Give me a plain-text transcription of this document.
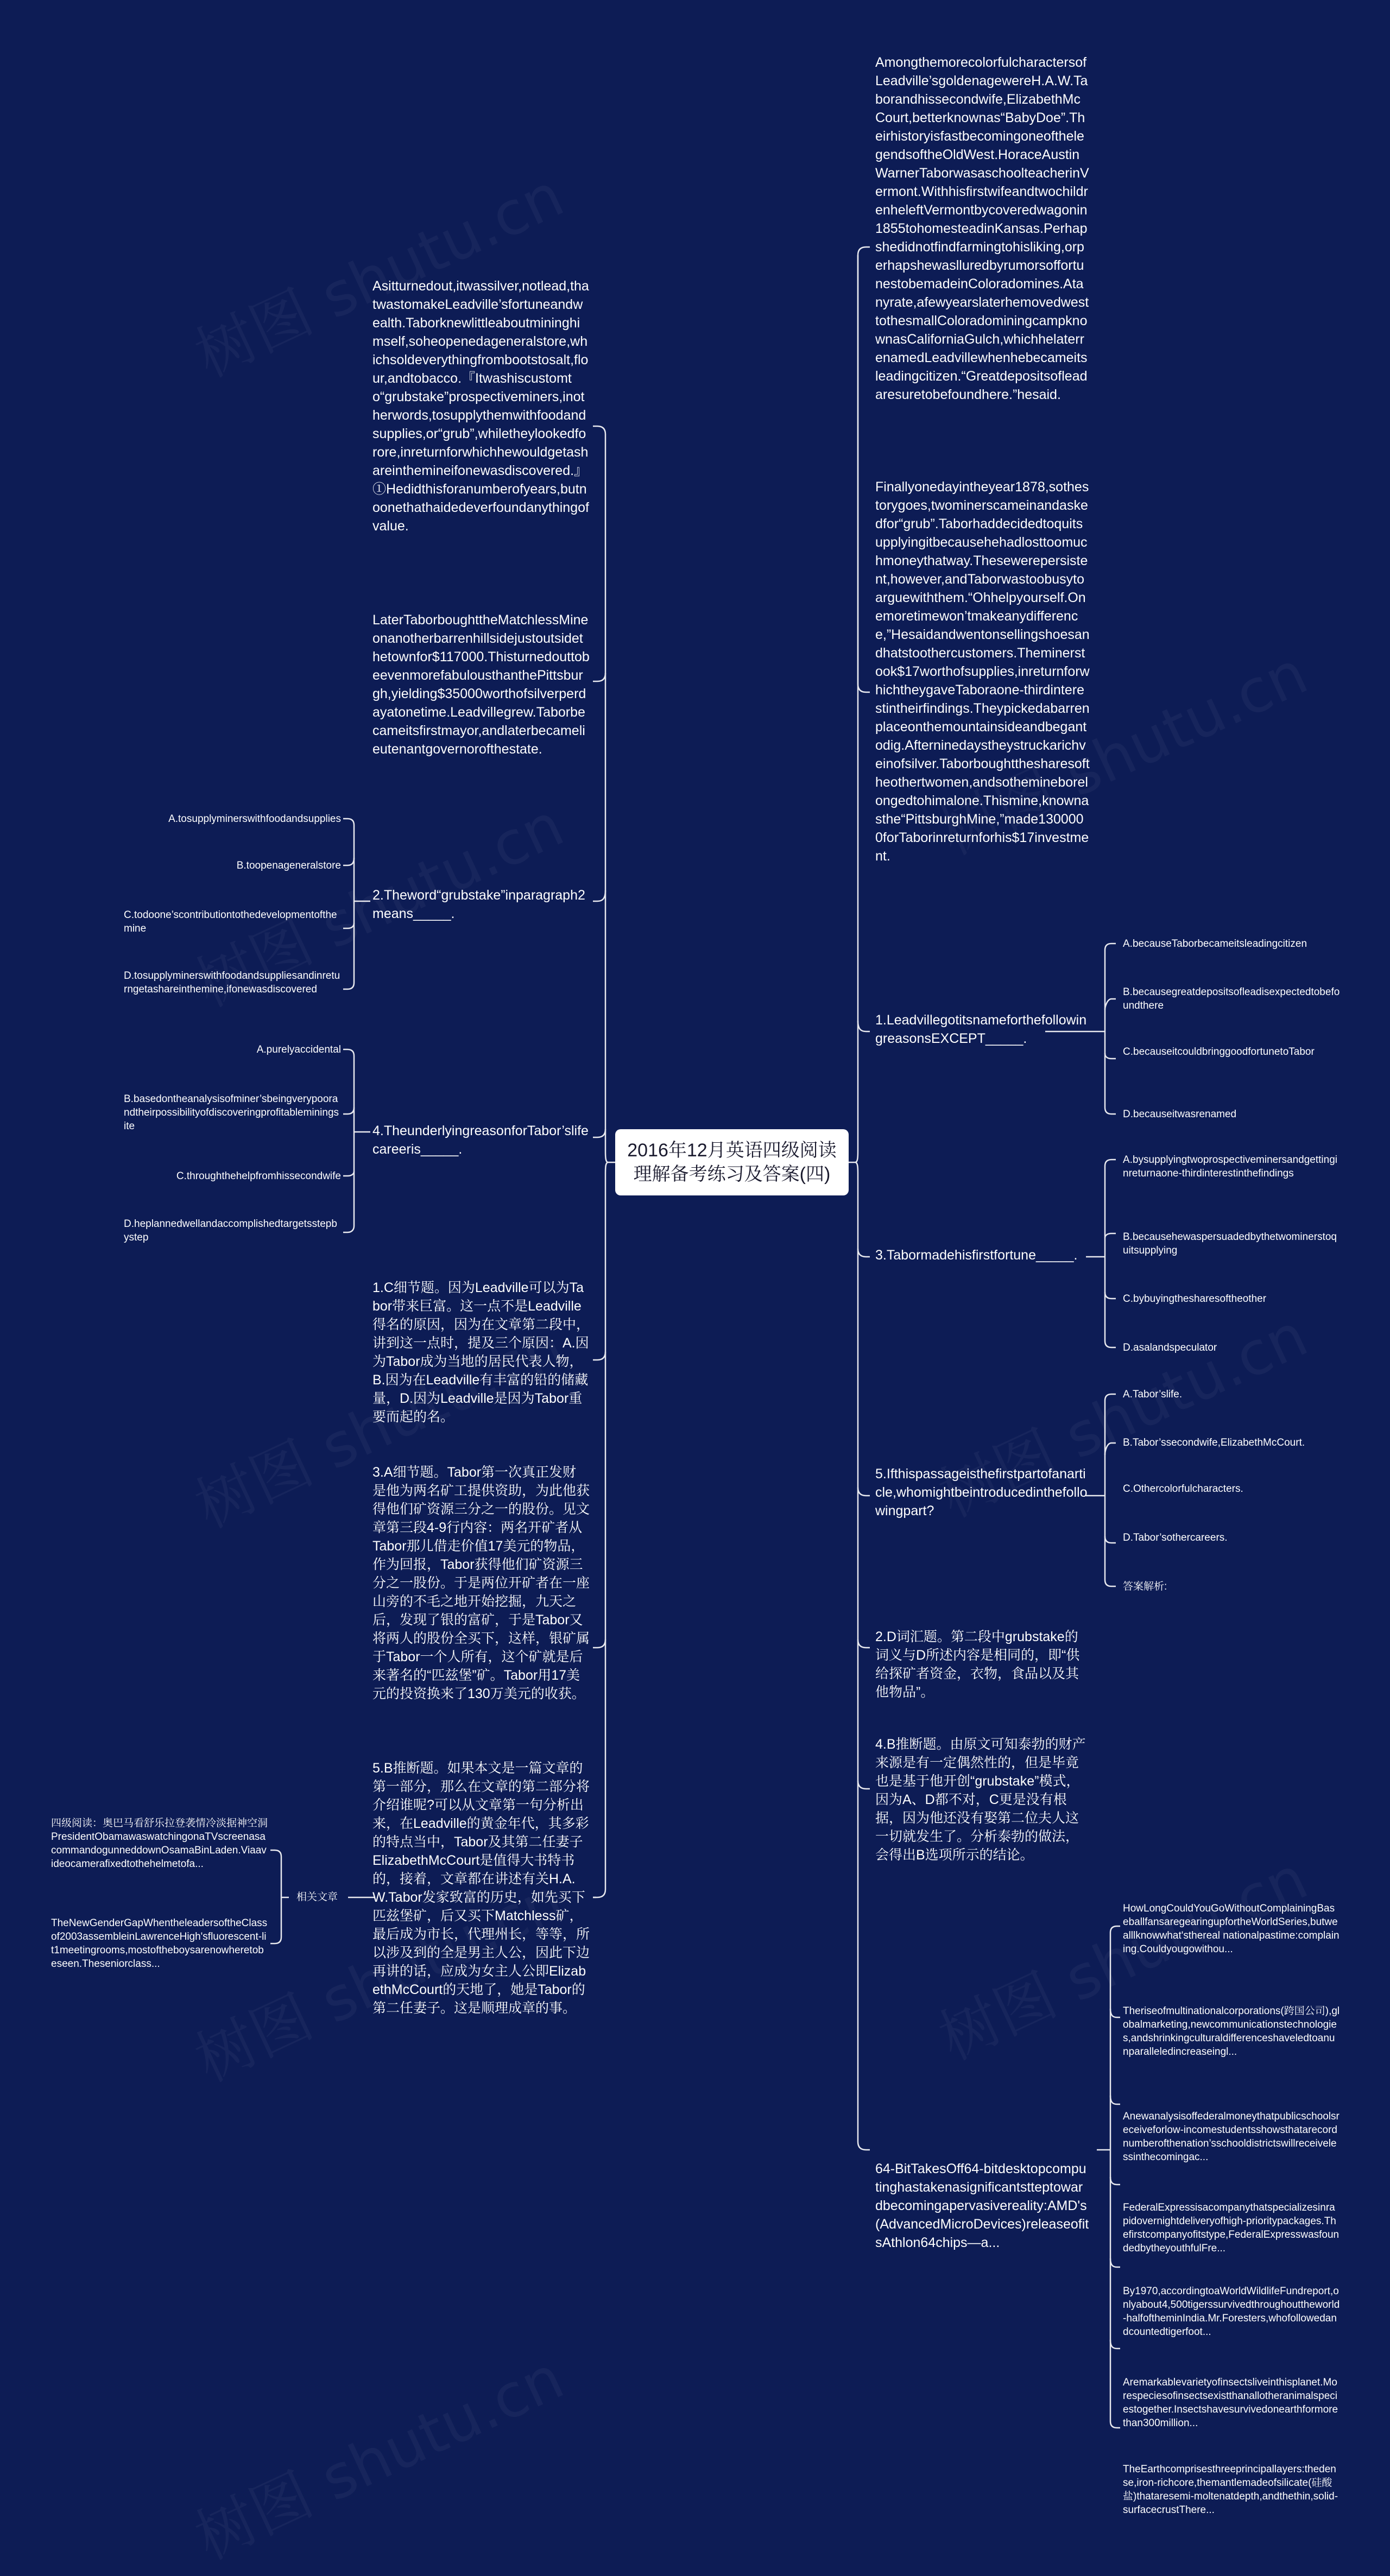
2016年12月英语四级阅读理解备考练习及答案(四)

AmongthemorecolorfulcharactersofLeadville’sgoldenagewereH.A.W.Taborandhissecondwife,ElizabethMcCourt,betterknownas“BabyDoe”.TheirhistoryisfastbecomingoneofthelegendsoftheOldWest.HoraceAustinWarnerTaborwasaschoolteacherinVermont.WithhisfirstwifeandtwochildrenheleftVermontbycoveredwagonin1855tohomesteadinKansas.Perhapshedidnotfindfarmingtohisliking,orperhapshewaslluredbyrumorsoffortunestobemadeinColoradomines.Atanyrate,afewyearslaterhemovedwesttothesmallColoradominingcampknownasCaliforniaGulch,whichhelaterrenamedLeadvillewhenhebecameitsleadingcitizen.“Greatdepositsofleadaresuretobefoundhere.”hesaid.

Finallyonedayintheyear1878,sothestorygoes,twominerscameinandaskedfor“grub”.Taborhaddecidedtoquitsupplyingitbecausehehadlosttoomuchmoneythatway.Thesewerepersistent,however,andTaborwastoobusytoarguewiththem.“Ohhelpyourself.Onemoretimewon’tmakeanydifference,”Hesaidandwentonsellingshoesandhatstoothercustomers.Theminerstook$17worthofsupplies,inreturnforwhichtheygaveTaboraone-thirdinterestintheirfindings.Theypickedabarrenplaceonthemountainsideandbegantodig.Afterninedaystheystruckarichveinofsilver.Taborboughtthesharesoftheothertwomen,andsothemineborelongedtohimalone.Thismine,knownasthe“PittsburghMine,”made1300000forTaborinreturnforhis$17investment.

1.LeadvillegotitsnameforthefollowingreasonsEXCEPT_____.

A.becauseTaborbecameitsleadingcitizen

B.becausegreatdepositsofleadisexpectedtobefoundthere

C.becauseitcouldbringgoodfortunetoTabor

D.becauseitwasrenamed

3.Tabormadehisfirstfortune_____.

A.bysupplyingtwoprospectiveminersandgettinginreturnaone-thirdinterestinthefindings

B.becausehewaspersuadedbythetwominerstoquitsupplying

C.bybuyingthesharesoftheother

D.asalandspeculator

5.Ifthispassageisthefirstpartofanarticle,whomightbeintroducedinthefollowingpart?

A.Tabor’slife.

B.Tabor’ssecondwife,ElizabethMcCourt.

C.Othercolorfulcharacters.

D.Tabor’sothercareers.

答案解析:

2.D词汇题。第二段中grubstake的词义与D所述内容是相同的，即“供给探矿者资金，衣物，食品以及其他物品”。

4.B推断题。由原文可知泰勃的财产来源是有一定偶然性的，但是毕竟也是基于他开创“grubstake”模式，因为A、D都不对，C更是没有根据，因为他还没有娶第二位夫人这一切就发生了。分析泰勃的做法，会得出B选项所示的结论。

64-BitTakesOff64-bitdesktopcomputinghastakenasignificantstteptowardbecomingapervasivereality:AMD's(AdvancedMicroDevices)releaseofitsAthlon64chips—a...

HowLongCouldYouGoWithoutComplainingBaseballfansaregearingupfortheWorldSeries,butwealllknowwhat'sthereal nationalpastime:complaining.Couldyougowithou...

Theriseofmultinationalcorporations(跨国公司),globalmarketing,newcommunicationstechnologies,andshrinkingculturaldifferenceshaveledtoanunparalleledincreaseingl...

Anewanalysisoffederalmoneythatpublicschoolsreceiveforlow-incomestudentsshowsthatarecordnumberofthenation’sschooldistrictswillreceivelessinthecomingac...

FederalExpressisacompanythatspecializesinrapidovernightdeliveryofhigh-prioritypackages.Thefirstcompanyofitstype,FederalExpresswasfoundedbytheyouthfulFre...

By1970,accordingtoaWorldWildlifeFundreport,onlyabout4,500tigerssurvivedthroughouttheworld-halfoftheminIndia.Mr.Foresters,whofollowedandcountedtigerfoot...

Aremarkablevarietyofinsectsliveinthisplanet.Morespeciesofinsectsexistthanallotheranimalspeciestogether.Insectshavesurvivedonearthformorethan300million...

TheEarthcomprisesthreeprincipallayers:thedense,iron-richcore,themantlemadeofsilicate(硅酸盐)thataresemi-moltenatdepth,andthethin,solid-surfacecrustThere...

Asitturnedout,itwassilver,notlead,thatwastomakeLeadville’sfortuneandwealth.Taborknewlittleaboutmininghimself,soheopenedageneralstore,whichsoldeverythingfrombootstosalt,flour,andtobacco.『Itwashiscustomto“grubstake”prospectiveminers,inotherwords,tosupplythemwithfoodandsupplies,or“grub”,whiletheylookedforore,inreturnforwhichhewouldgetashareinthemineifonewasdiscovered.』①Hedidthisforanumberofyears,butnoonethathaidedeverfoundanythingofvalue.

LaterTaborboughttheMatchlessMineonanotherbarrenhillsidejustoutsidethetownfor$117000.ThisturnedouttobeevenmorefabulousthanthePittsburgh,yielding$35000worthofsilverperdayatonetime.Leadvillegrew.Taborbecameitsfirstmayor,andlaterbecamelieutenantgovernorofthestate.

2.Theword“grubstake”inparagraph2means_____.

A.tosupplyminerswithfoodandsupplies

B.toopenageneralstore

C.todoone’scontributiontothedevelopmentofthemine

D.tosupplyminerswithfoodandsuppliesandinreturngetashareinthemine,ifonewasdiscovered

4.TheunderlyingreasonforTabor’slifecareeris_____.

A.purelyaccidental

B.basedontheanalysisofminer’sbeingverypoorandtheirpossibilityofdiscoveringprofitableminingsite

C.throughthehelpfromhissecondwife

D.heplannedwellandaccomplishedtargetsstepbystep

1.C细节题。因为Leadville可以为Tabor带来巨富。这一点不是Leadville得名的原因，因为在文章第二段中，讲到这一点时，提及三个原因：A.因为Tabor成为当地的居民代表人物，B.因为在Leadville有丰富的铅的储藏量，D.因为Leadville是因为Tabor重要而起的名。

3.A细节题。Tabor第一次真正发财是他为两名矿工提供资助，为此他获得他们矿资源三分之一的股份。见文章第三段4-9行内容：两名开矿者从Tabor那儿借走价值17美元的物品，作为回报，Tabor获得他们矿资源三分之一股份。于是两位开矿者在一座山旁的不毛之地开始挖掘，九天之后，发现了银的富矿，于是Tabor又将两人的股份全买下，这样，银矿属于Tabor一个人所有，这个矿就是后来著名的“匹兹堡”矿。Tabor用17美元的投资换来了130万美元的收获。

5.B推断题。如果本文是一篇文章的第一部分，那么在文章的第二部分将介绍谁呢?可以从文章第一句分析出来，在Leadville的黄金年代，其多彩的特点当中，Tabor及其第二任妻子ElizabethMcCourt是值得大书特书的，接着，文章都在讲述有关H.A.W.Tabor发家致富的历史，如先买下匹兹堡矿，后又买下Matchless矿，最后成为市长，代理州长，等等，所以涉及到的全是男主人公，因此下边再讲的话，应成为女主人公即ElizabethMcCourt的天地了，她是Tabor的第二任妻子。这是顺理成章的事。

相关文章

四级阅读：奥巴马看舒乐拉登袭情冷淡据神空洞PresidentObamawaswatchingonaTVscreenasacommandogunneddownOsamaBinLaden.Viaavideocamerafixedtothehelmetofa...

TheNewGenderGapWhentheleadersoftheClassof2003assembleinLawrenceHigh'sfluorescent-lit1meetingrooms,mostoftheboysarenowheretobeseen.Theseniorclass...
